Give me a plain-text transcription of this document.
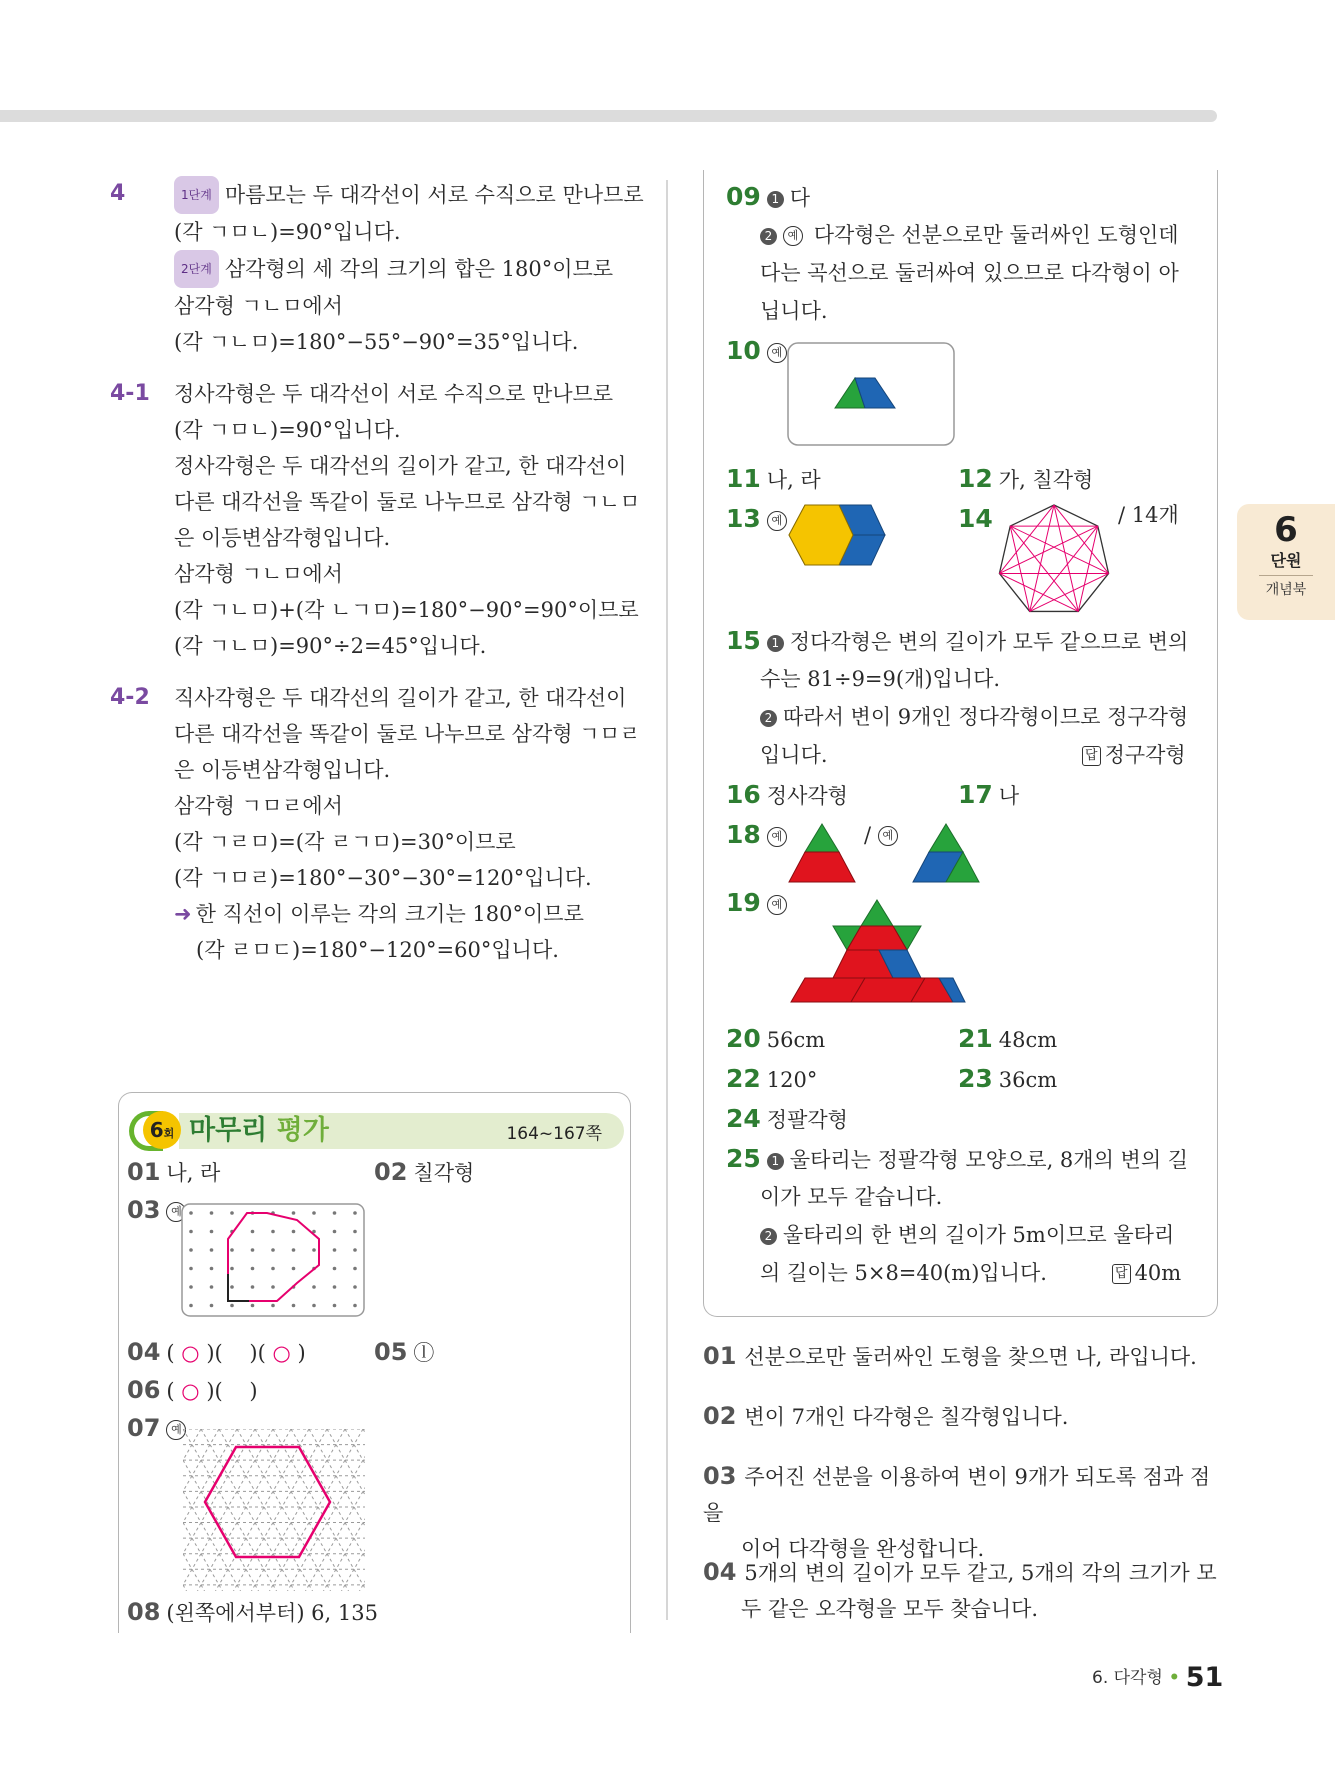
4	1단계 마름모는 두 대각선이 서로 수직으로 만나므로
(각 ㄱㅁㄴ)=90°입니다.
2단계 삼각형의 세 각의 크기의 합은 180°이므로
삼각형 ㄱㄴㅁ에서
(각 ㄱㄴㅁ)=180°−55°−90°=35°입니다.
4-1	정사각형은 두 대각선이 서로 수직으로 만나므로
(각 ㄱㅁㄴ)=90°입니다.
정사각형은 두 대각선의 길이가 같고, 한 대각선이
다른 대각선을 똑같이 둘로 나누므로 삼각형 ㄱㄴㅁ
은 이등변삼각형입니다.
삼각형 ㄱㄴㅁ에서
(각 ㄱㄴㅁ)+(각 ㄴㄱㅁ)=180°−90°=90°이므로
(각 ㄱㄴㅁ)=90°÷2=45°입니다.
4-2	직사각형은 두 대각선의 길이가 같고, 한 대각선이
다른 대각선을 똑같이 둘로 나누므로 삼각형 ㄱㅁㄹ
은 이등변삼각형입니다.
삼각형 ㄱㅁㄹ에서
(각 ㄱㄹㅁ)=(각 ㄹㄱㅁ)=30°이므로
(각 ㄱㅁㄹ)=180°−30°−30°=120°입니다.
➜ 한 직선이 이루는 각의 크기는 180°이므로
(각 ㄹㅁㄷ)=180°−120°=60°입니다.
6회 마무리 평가	164~167쪽
01 나, 라	02 칠각형
03 예
04 ( ○ )( )( ○ )	05 ⓛ
06 ( ○ )( )
07 예
08 (왼쪽에서부터) 6, 135
09 1 다
2 예 다각형은 선분으로만 둘러싸인 도형인데
다는 곡선으로 둘러싸여 있으므로 다각형이 아
닙니다.
10 예
11 나, 라	12 가, 칠각형
13 예	14	/ 14개
15 1 정다각형은 변의 길이가 모두 같으므로 변의
수는 81÷9=9(개)입니다.
2 따라서 변이 9개인 정다각형이므로 정구각형
입니다.	답 정구각형
16 정사각형	17 나
18 예	/ 예
19 예
20 56cm	21 48cm
22 120°	23 36cm
24 정팔각형
25 1 울타리는 정팔각형 모양으로, 8개의 변의 길
이가 모두 같습니다.
2 울타리의 한 변의 길이가 5m이므로 울타리
의 길이는 5×8=40(m)입니다.	답 40m
01 선분으로만 둘러싸인 도형을 찾으면 나, 라입니다.
02 변이 7개인 다각형은 칠각형입니다.
03 주어진 선분을 이용하여 변이 9개가 되도록 점과 점을
이어 다각형을 완성합니다.
04 5개의 변의 길이가 모두 같고, 5개의 각의 크기가 모
두 같은 오각형을 모두 찾습니다.
6
단원
개념북
6. 다각형 • 51
